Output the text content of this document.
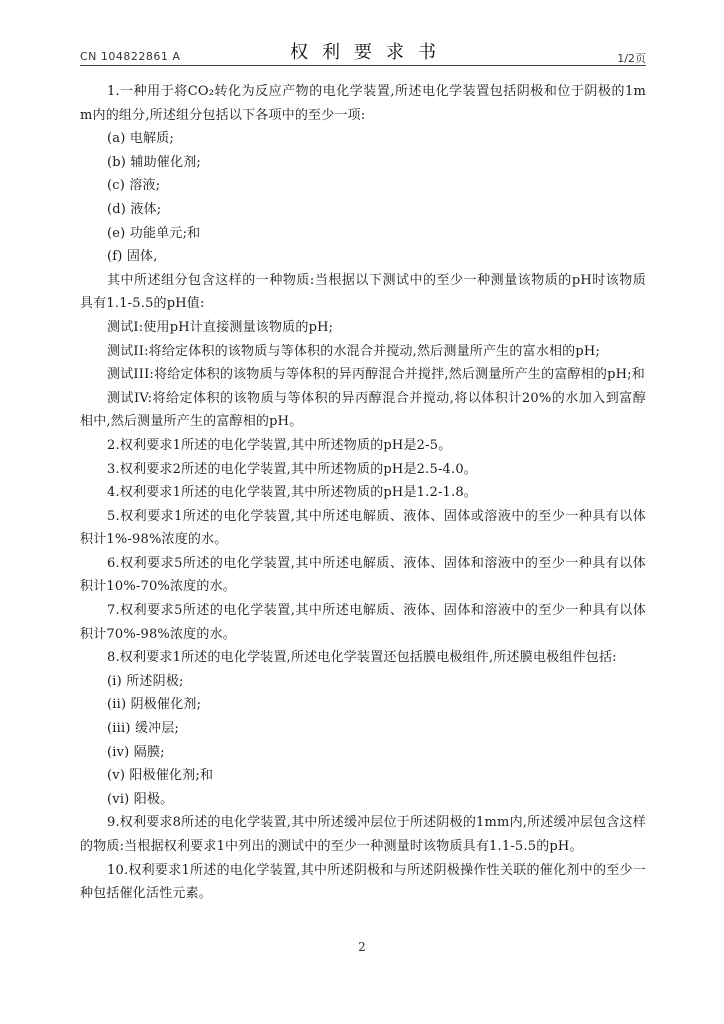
CN 104822861 A	权利要求书	1/2页

1.一种用于将CO₂转化为反应产物的电化学装置,所述电化学装置包括阴极和位于阴极的1mm内的组分,所述组分包括以下各项中的至少一项:

(a) 电解质;

(b) 辅助催化剂;

(c) 溶液;

(d) 液体;

(e) 功能单元;和

(f) 固体,

其中所述组分包含这样的一种物质:当根据以下测试中的至少一种测量该物质的pH时该物质具有1.1-5.5的pH值:

测试I:使用pH计直接测量该物质的pH;

测试II:将给定体积的该物质与等体积的水混合并搅动,然后测量所产生的富水相的pH;

测试III:将给定体积的该物质与等体积的异丙醇混合并搅拌,然后测量所产生的富醇相的pH;和

测试IV:将给定体积的该物质与等体积的异丙醇混合并搅动,将以体积计20%的水加入到富醇相中,然后测量所产生的富醇相的pH。

2.权利要求1所述的电化学装置,其中所述物质的pH是2-5。

3.权利要求2所述的电化学装置,其中所述物质的pH是2.5-4.0。

4.权利要求1所述的电化学装置,其中所述物质的pH是1.2-1.8。

5.权利要求1所述的电化学装置,其中所述电解质、液体、固体或溶液中的至少一种具有以体积计1%-98%浓度的水。

6.权利要求5所述的电化学装置,其中所述电解质、液体、固体和溶液中的至少一种具有以体积计10%-70%浓度的水。

7.权利要求5所述的电化学装置,其中所述电解质、液体、固体和溶液中的至少一种具有以体积计70%-98%浓度的水。

8.权利要求1所述的电化学装置,所述电化学装置还包括膜电极组件,所述膜电极组件包括:

(i) 所述阴极;

(ii) 阴极催化剂;

(iii) 缓冲层;

(iv) 隔膜;

(v) 阳极催化剂;和

(vi) 阳极。

9.权利要求8所述的电化学装置,其中所述缓冲层位于所述阴极的1mm内,所述缓冲层包含这样的物质:当根据权利要求1中列出的测试中的至少一种测量时该物质具有1.1-5.5的pH。

10.权利要求1所述的电化学装置,其中所述阴极和与所述阴极操作性关联的催化剂中的至少一种包括催化活性元素。

2
